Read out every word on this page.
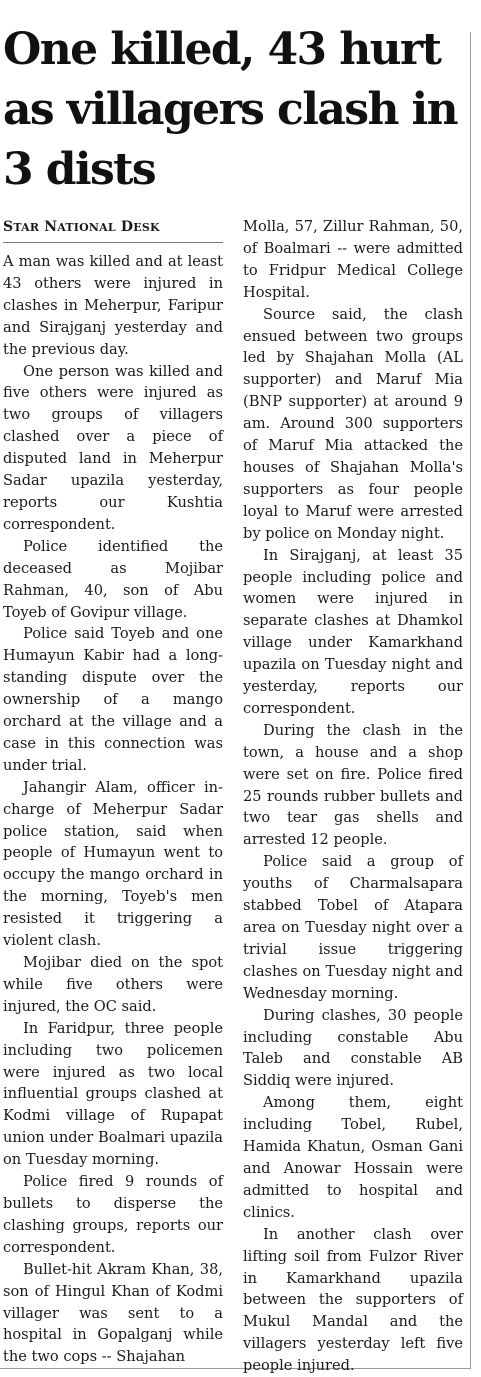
One killed, 43 hurt as villagers clash in 3 dists
STAR NATIONAL DESK

A man was killed and at least 43 others were injured in clashes in Meherpur, Faripur and Sirajganj yesterday and the previous day.

One person was killed and five others were injured as two groups of villagers clashed over a piece of disputed land in Meherpur Sadar upazila yesterday, reports our Kushtia correspondent.

Police identified the deceased as Mojibar Rahman, 40, son of Abu Toyeb of Govipur village.

Police said Toyeb and one Humayun Kabir had a long-standing dispute over the ownership of a mango orchard at the village and a case in this connection was under trial.

Jahangir Alam, officer in-charge of Meherpur Sadar police station, said when people of Humayun went to occupy the mango orchard in the morning, Toyeb's men resisted it triggering a violent clash.

Mojibar died on the spot while five others were injured, the OC said.

In Faridpur, three people including two policemen were injured as two local influential groups clashed at Kodmi village of Rupapat union under Boalmari upazila on Tuesday morning.

Police fired 9 rounds of bullets to disperse the clashing groups, reports our correspondent.

Bullet-hit Akram Khan, 38, son of Hingul Khan of Kodmi villager was sent to a hospital in Gopalganj while the two cops -- Shajahan

Molla, 57, Zillur Rahman, 50, of Boalmari -- were admitted to Fridpur Medical College Hospital.

Source said, the clash ensued between two groups led by Shajahan Molla (AL supporter) and Maruf Mia (BNP supporter) at around 9 am. Around 300 supporters of Maruf Mia attacked the houses of Shajahan Molla's supporters as four people loyal to Maruf were arrested by police on Monday night.

In Sirajganj, at least 35 people including police and women were injured in separate clashes at Dhamkol village under Kamarkhand upazila on Tuesday night and yesterday, reports our correspondent.

During the clash in the town, a house and a shop were set on fire. Police fired 25 rounds rubber bullets and two tear gas shells and arrested 12 people.

Police said a group of youths of Charmalsapara stabbed Tobel of Atapara area on Tuesday night over a trivial issue triggering clashes on Tuesday night and Wednesday morning.

During clashes, 30 people including constable Abu Taleb and constable AB Siddiq were injured.

Among them, eight including Tobel, Rubel, Hamida Khatun, Osman Gani and Anowar Hossain were admitted to hospital and clinics.

In another clash over lifting soil from Fulzor River in Kamarkhand upazila between the supporters of Mukul Mandal and the villagers yesterday left five people injured.
